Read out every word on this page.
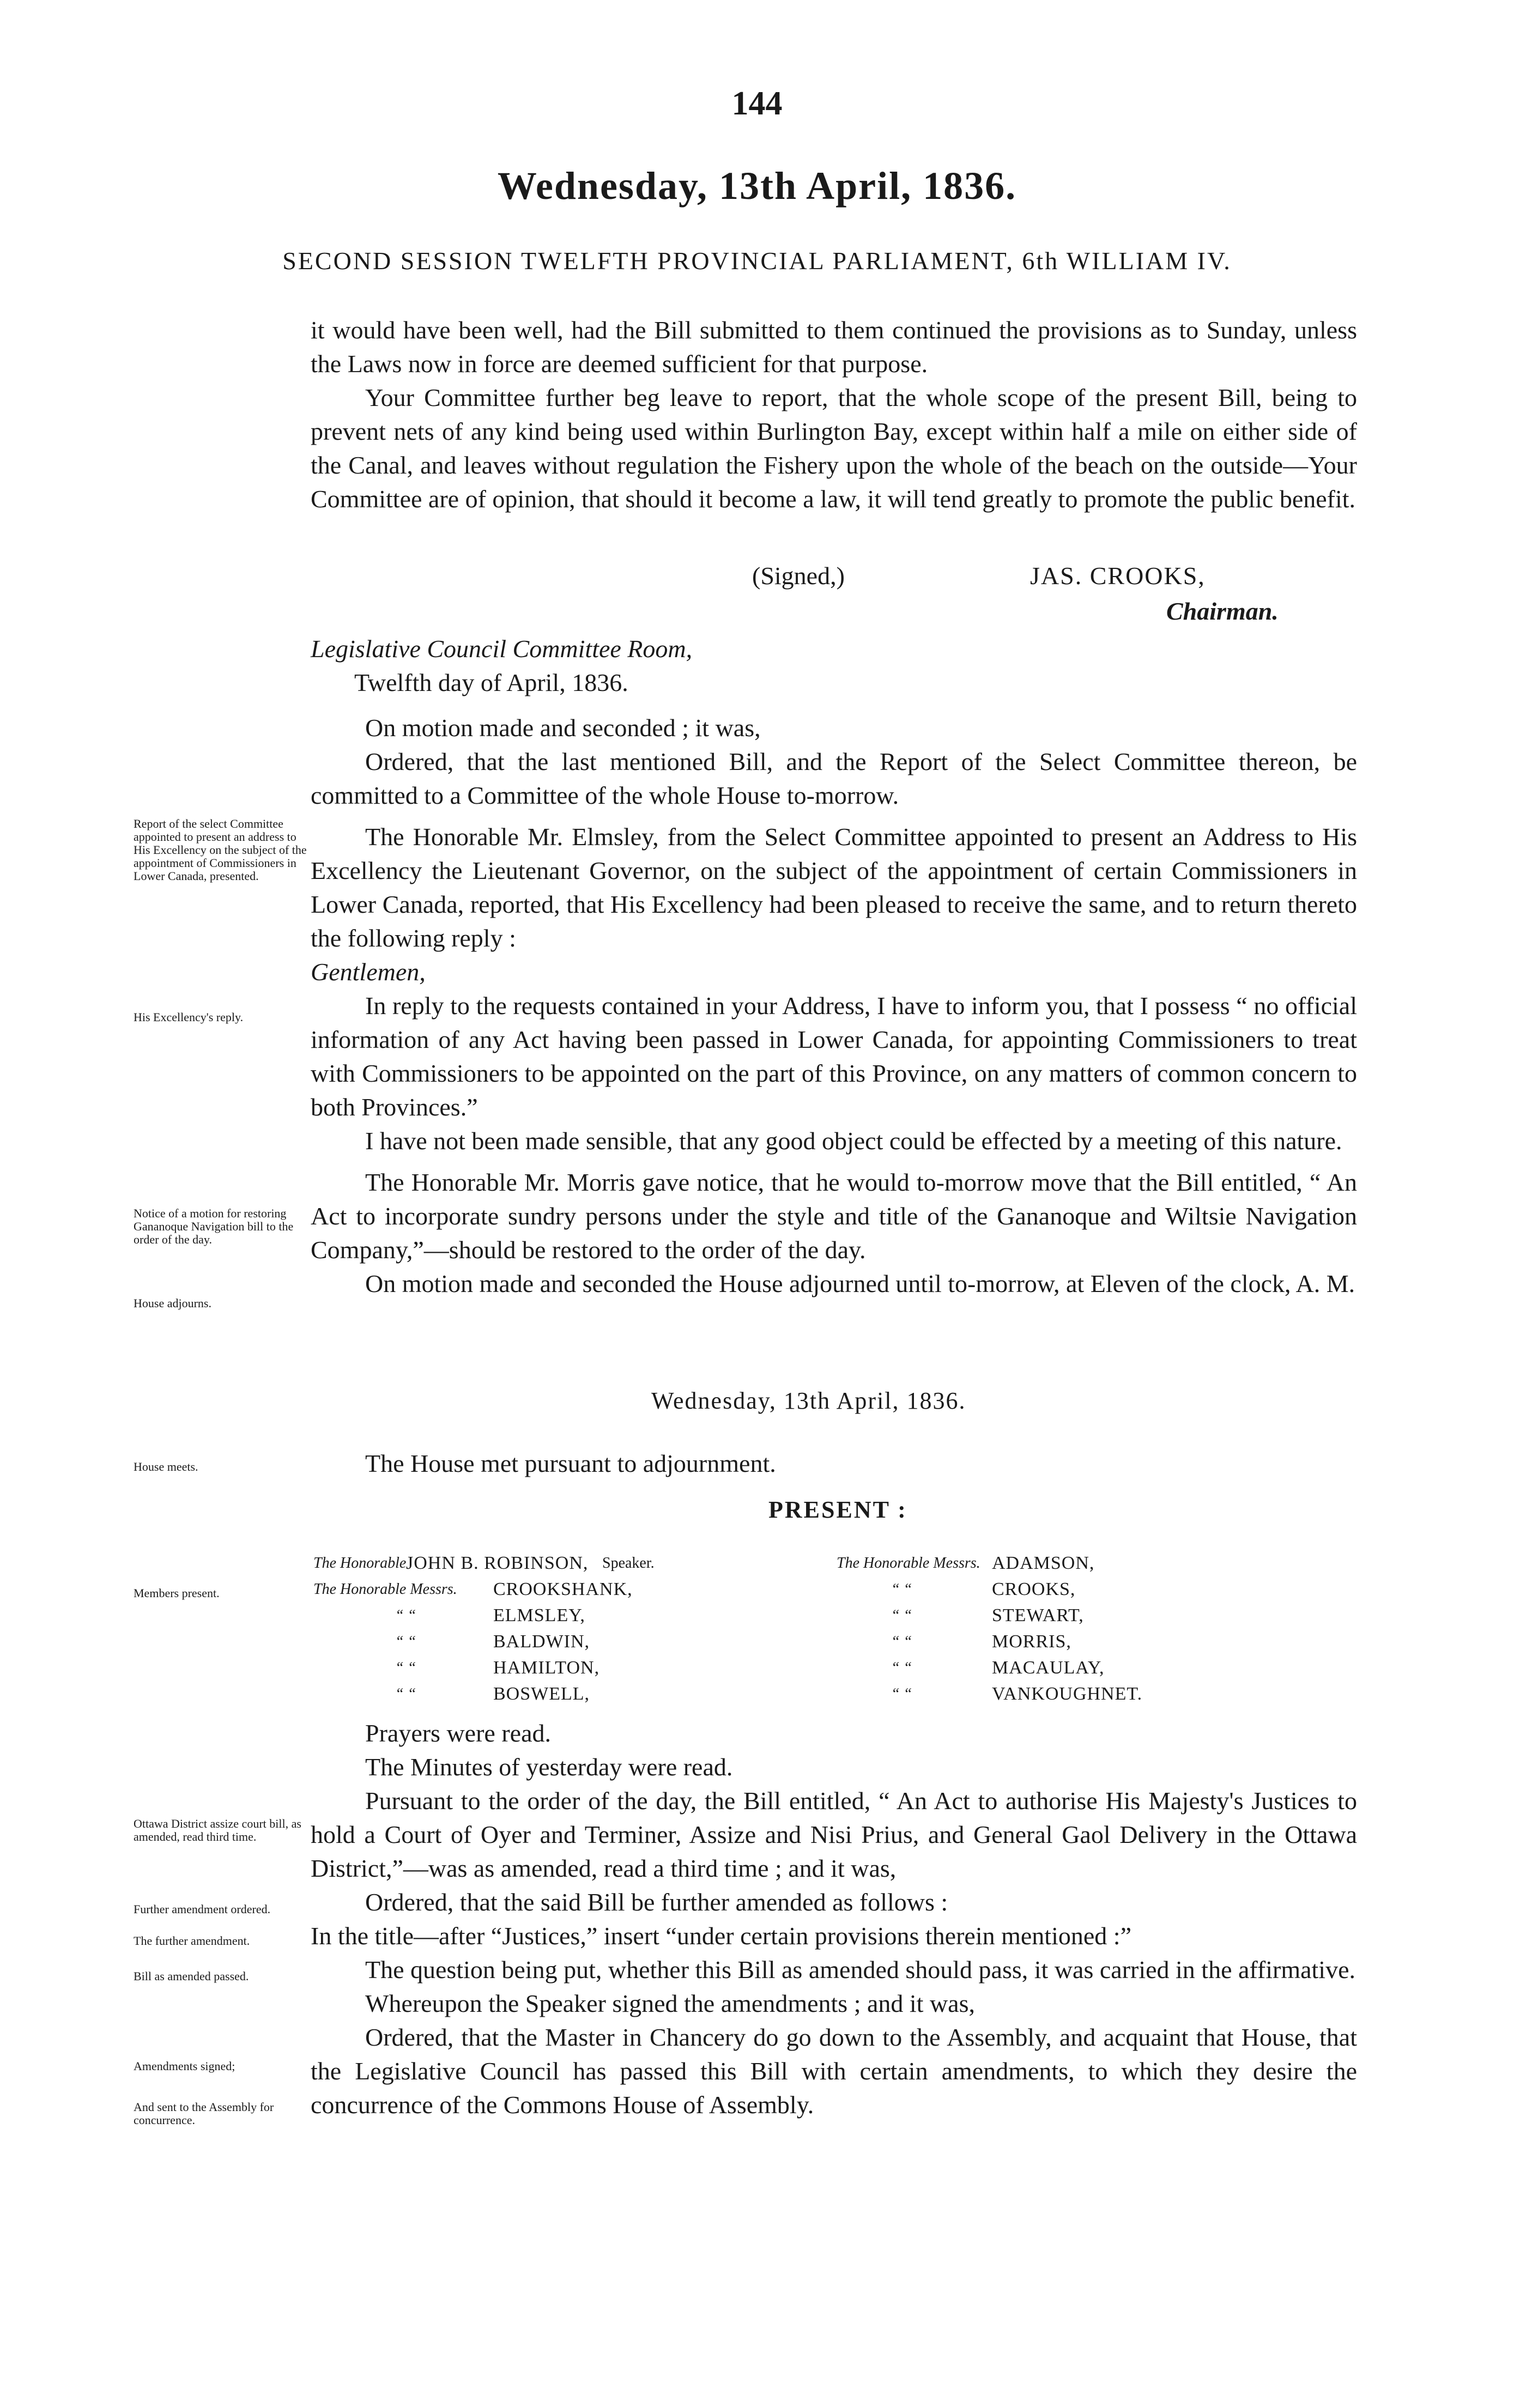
144
Wednesday, 13th April, 1836.
SECOND SESSION TWELFTH PROVINCIAL PARLIAMENT, 6th WILLIAM IV.

it would have been well, had the Bill submitted to them continued the provisions as to Sunday, unless the Laws now in force are deemed sufficient for that purpose.

Your Committee further beg leave to report, that the whole scope of the present Bill, being to prevent nets of any kind being used within Burlington Bay, except within half a mile on either side of the Canal, and leaves without regulation the Fishery upon the whole of the beach on the outside—Your Committee are of opinion, that should it become a law, it will tend greatly to promote the public benefit.

(Signed,)	JAS. CROOKS,
Chairman.
Legislative Council Committee Room,
Twelfth day of April, 1836.

On motion made and seconded ; it was,

Ordered, that the last mentioned Bill, and the Report of the Select Committee thereon, be committed to a Committee of the whole House to-morrow.

The Honorable Mr. Elmsley, from the Select Committee appointed to present an Address to His Excellency the Lieutenant Governor, on the subject of the appointment of certain Commissioners in Lower Canada, reported, that His Excellency had been pleased to receive the same, and to return thereto the following reply :

Gentlemen,

In reply to the requests contained in your Address, I have to inform you, that I possess “ no official information of any Act having been passed in Lower Canada, for appointing Commissioners to treat with Commissioners to be appointed on the part of this Province, on any matters of common concern to both Provinces.”

I have not been made sensible, that any good object could be effected by a meeting of this nature.

The Honorable Mr. Morris gave notice, that he would to-morrow move that the Bill entitled, “ An Act to incorporate sundry persons under the style and title of the Gananoque and Wiltsie Navigation Company,”—should be restored to the order of the day.

On motion made and seconded the House adjourned until to-morrow, at Eleven of the clock, A. M.

Wednesday, 13th April, 1836.

The House met pursuant to adjournment.

PRESENT :
The Honorable JOHN B. ROBINSON, Speaker.	The Honorable Messrs. ADAMSON,
The Honorable Messrs. CROOKSHANK,	“ “	CROOKS,
“ “	ELMSLEY,	“ “	STEWART,
“ “	BALDWIN,	“ “	MORRIS,
“ “	HAMILTON,	“ “	MACAULAY,
“ “	BOSWELL,	“ “	VANKOUGHNET.

Prayers were read.

The Minutes of yesterday were read.

Pursuant to the order of the day, the Bill entitled, “ An Act to authorise His Majesty's Justices to hold a Court of Oyer and Terminer, Assize and Nisi Prius, and General Gaol Delivery in the Ottawa District,”—was as amended, read a third time ; and it was,

Ordered, that the said Bill be further amended as follows :

In the title—after “Justices,” insert “under certain provisions therein mentioned :”

The question being put, whether this Bill as amended should pass, it was carried in the affirmative.

Whereupon the Speaker signed the amendments ; and it was,

Ordered, that the Master in Chancery do go down to the Assembly, and acquaint that House, that the Legislative Council has passed this Bill with certain amendments, to which they desire the concurrence of the Commons House of Assembly.

Report of the select Committee appointed to present an address to His Excellency on the subject of the appointment of Commissioners in Lower Canada, presented.
His Excellency's reply.
Notice of a motion for restoring Gananoque Navigation bill to the order of the day.
House adjourns.
House meets.
Members present.
Ottawa District assize court bill, as amended, read third time.
Further amendment ordered.
The further amendment.
Bill as amended passed.
Amendments signed;
And sent to the Assembly for concurrence.
